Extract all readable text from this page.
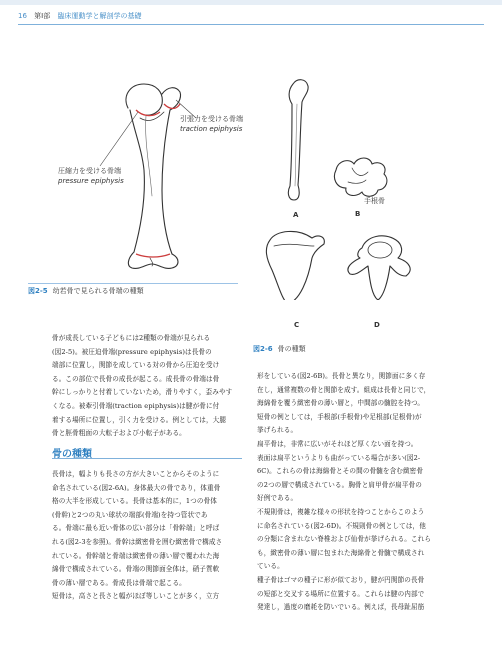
16 第Ⅰ部 臨床運動学と解剖学の基礎
引張力を受ける骨端
traction epiphysis
圧縮力を受ける骨端
pressure epiphysis
A	B
手根骨
C	D
図2-5 幼若骨で見られる骨端の種類
図2-6 骨の種類
骨が成長している子どもには2種類の骨端が見られる
(図2-5)。被圧迫骨端(pressure epiphysis)は長骨の
端部に位置し，関節を成している対の骨から圧迫を受け
る。この部位で長骨の成長が起こる。成長骨の骨端は骨
幹にしっかりと付着していないため，滑りやすく，歪みやす
くなる。被牽引骨端(traction epiphysis)は腱が骨に付
着する場所に位置し，引く力を受ける。例としては，大腿
骨と脛骨粗面の大転子および小転子がある。
骨の種類
長骨は，幅よりも長さの方が大きいことからそのように
命名されている(図2-6A)。身体最大の骨であり，体重骨
格の大半を形成している。長骨は基本的に，1つの骨体
(骨幹)と2つの丸い球状の端部(骨端)を持つ管状であ
る。骨端に最も近い骨体の広い部分は「骨幹端」と呼ば
れる(図2-3を参照)。骨幹は緻密骨を囲む緻密骨で構成さ
れている。骨幹端と骨端は緻密骨の薄い層で覆われた海
綿骨で構成されている。骨端の関節面全体は，硝子質軟
骨の薄い層である。骨成長は骨端で起こる。
短骨は，高さと長さと幅がほぼ等しいことが多く，立方
形をしている(図2-6B)。長骨と異なり，関節面に多く存
在し，通常複数の骨と関節を成す。組成は長骨と同じで，
海綿骨を覆う緻密骨の薄い層と，中間部の髄腔を持つ。
短骨の例としては，手根部(手根骨)や足根部(足根骨)が
挙げられる。
扁平骨は，非常に広いがそれほど厚くない面を持つ。
表面は扁平というよりも曲がっている場合が多い(図2-
6C)。これらの骨は海綿骨とその間の骨髄を含む緻密骨
の2つの層で構成されている。胸骨と肩甲骨が扁平骨の
好例である。
不規則骨は，複雑な様々の形状を持つことからこのよう
に命名されている(図2-6D)。不規則骨の例としては，他
の分類に含まれない脊椎および仙骨が挙げられる。これら
も，緻密骨の薄い層に包まれた海綿骨と骨髄で構成され
ている。
種子骨はゴマの種子に形が似ており，腱が円関節の長骨
の短部と交叉する場所に位置する。これらは腱の内部で
発達し，過度の磨耗を防いでいる。例えば，長母趾屈筋
